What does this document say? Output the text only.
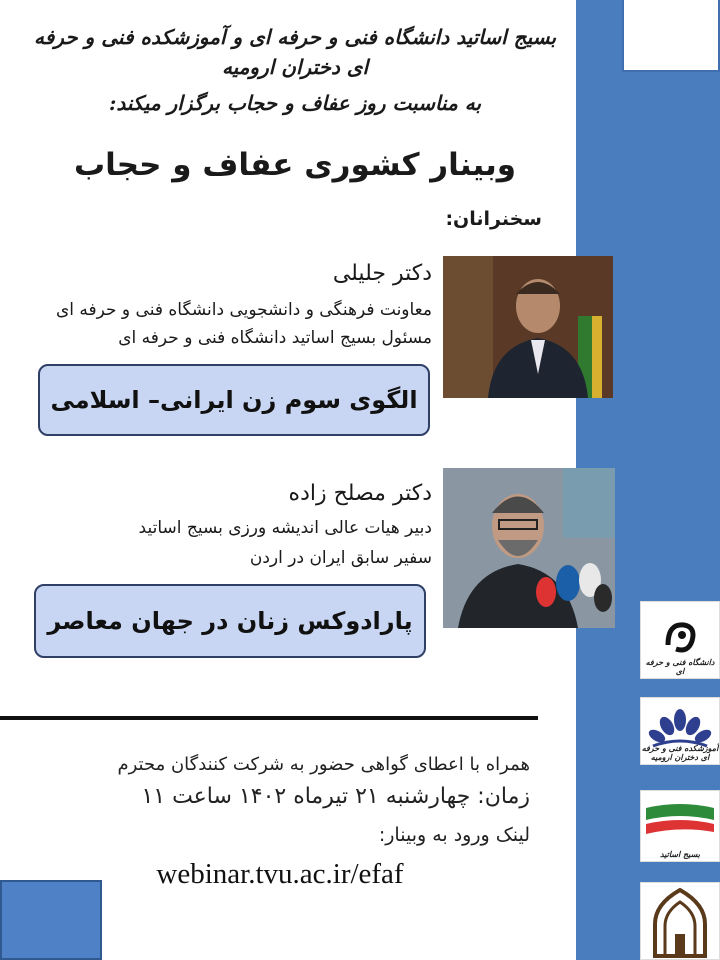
بسیج اساتید دانشگاه فنی و حرفه ای و آموزشکده فنی و حرفه ای دختران ارومیه
به مناسبت روز عفاف و حجاب برگزار میکند:
وبینار کشوری عفاف و حجاب
سخنرانان:
دکتر جلیلی
معاونت فرهنگی و دانشجویی دانشگاه فنی و حرفه ای
مسئول بسیج اساتید دانشگاه فنی و حرفه ای
الگوی سوم زن ایرانی– اسلامی
دکتر مصلح زاده
دبیر هیات عالی اندیشه ورزی بسیج اساتید
سفیر سابق ایران در اردن
پارادوکس زنان در جهان معاصر
همراه با اعطای گواهی حضور به شرکت کنندگان محترم
زمان: چهارشنبه ۲۱ تیرماه ۱۴۰۲ ساعت ۱۱
لینک ورود به وبینار:
webinar.tvu.ac.ir/efaf
دانشگاه فنی و حرفه ای
آموزشکده فنی و حرفه ای دختران ارومیه
بسیج اساتید
